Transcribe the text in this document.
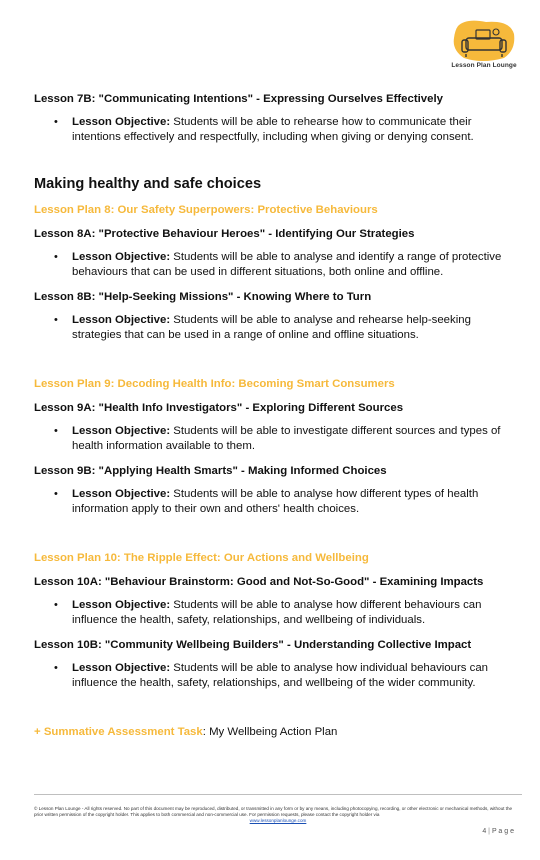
Lesson Plan Lounge

Lesson 7B: "Communicating Intentions" - Expressing Ourselves Effectively

• Lesson Objective: Students will be able to rehearse how to communicate their intentions effectively and respectfully, including when giving or denying consent.

Making healthy and safe choices

Lesson Plan 8: Our Safety Superpowers: Protective Behaviours

Lesson 8A: "Protective Behaviour Heroes" - Identifying Our Strategies

• Lesson Objective: Students will be able to analyse and identify a range of protective behaviours that can be used in different situations, both online and offline.

Lesson 8B: "Help-Seeking Missions" - Knowing Where to Turn

• Lesson Objective: Students will be able to analyse and rehearse help-seeking strategies that can be used in a range of online and offline situations.

Lesson Plan 9: Decoding Health Info: Becoming Smart Consumers

Lesson 9A: "Health Info Investigators" - Exploring Different Sources

• Lesson Objective: Students will be able to investigate different sources and types of health information available to them.

Lesson 9B: "Applying Health Smarts" - Making Informed Choices

• Lesson Objective: Students will be able to analyse how different types of health information apply to their own and others' health choices.

Lesson Plan 10: The Ripple Effect: Our Actions and Wellbeing

Lesson 10A: "Behaviour Brainstorm: Good and Not-So-Good" - Examining Impacts

• Lesson Objective: Students will be able to analyse how different behaviours can influence the health, safety, relationships, and wellbeing of individuals.

Lesson 10B: "Community Wellbeing Builders" - Understanding Collective Impact

• Lesson Objective: Students will be able to analyse how individual behaviours can influence the health, safety, relationships, and wellbeing of the wider community.

+ Summative Assessment Task: My Wellbeing Action Plan

© Lesson Plan Lounge - All rights reserved. No part of this document may be reproduced, distributed, or transmitted in any form or by any means, including photocopying, recording, or other electronic or mechanical methods, without the prior written permission of the copyright holder. This applies to both commercial and non-commercial use. For permission requests, please contact the copyright holder via
www.lessonplanlounge.com
4 | P a g e
